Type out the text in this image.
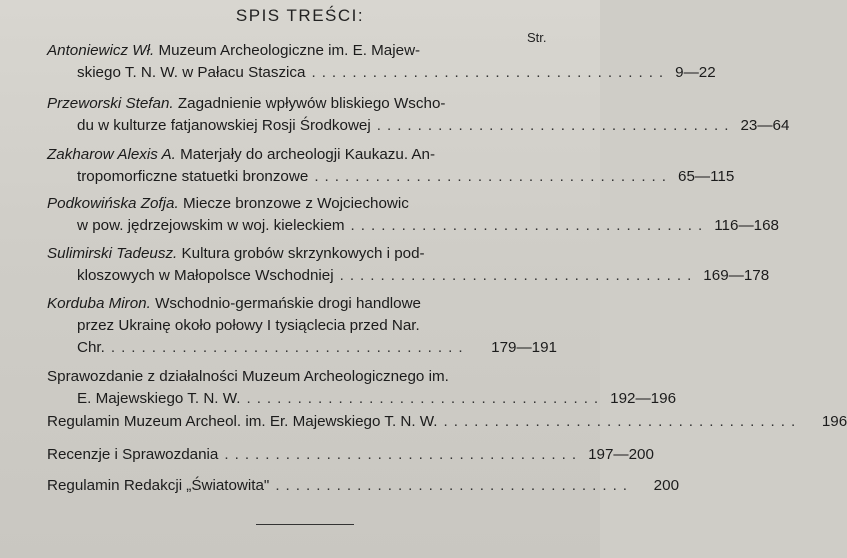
SPIS TREŚCI:
Str.
Antoniewicz Wł. Muzeum Archeologiczne im. E. Majew-
skiego T. N. W. w Pałacu Staszica ................................... 9—22
Przeworski Stefan. Zagadnienie wpływów bliskiego Wscho-
du w kulturze fatjanowskiej Rosji Środkowej ................................... 23—64
Zakharow Alexis A. Materjały do archeologji Kaukazu. An-
tropomorficzne statuetki bronzowe ................................... 65—115
Podkowińska Zofja. Miecze bronzowe z Wojciechowic
w pow. jędrzejowskim w woj. kieleckiem ................................... 116—168
Sulimirski Tadeusz. Kultura grobów skrzynkowych i pod-
kloszowych w Małopolsce Wschodniej ................................... 169—178
Korduba Miron. Wschodnio-germańskie drogi handlowe
przez Ukrainę około połowy I tysiąclecia przed Nar.
Chr. ...................................	179—191
Sprawozdanie z działalności Muzeum Archeologicznego im.
E. Majewskiego T. N. W. ................................... 192—196
Regulamin Muzeum Archeol. im. Er. Majewskiego T. N. W. ...................................	196
Recenzje i Sprawozdania ................................... 197—200
Regulamin Redakcji „Światowita" ...................................	200
